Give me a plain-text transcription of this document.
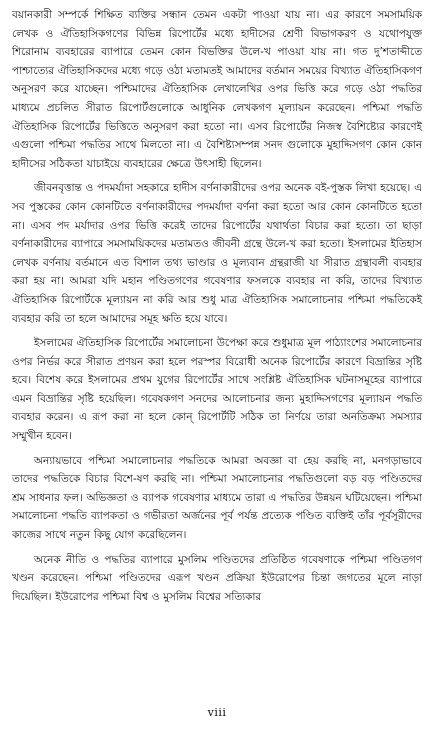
বয়ানকারী সম্পর্কে শিক্ষিত ব্যক্তির সন্ধান তেমন একটা পাওয়া যায় না। এর কারণে সমসাময়িক লেখক ও ঐতিহাসিকগণের বিভিন্ন রিপোর্টের মধ্যে হাদীসের শ্রেণী বিভাগকরণ ও যথোপযুক্ত শিরোনাম ব্যবহারের ব্যাপারে তেমন কোন বিভক্তির উলে-খ পাওয়া যায় না। গত দু’শতাব্দীতে পাশ্চাত্যের ঐতিহাসিকদের মধ্যে গড়ে ওঠা মতামতই আমাদের বর্তমান সময়ের বিখ্যাত ঐতিহাসিকগণ অনুসরণ করে যাচ্ছেন। পশ্চিমাদের ঐতিহাসিক লেখালেখির ওপর ভিত্তি করে গড়ে ওঠা পদ্ধতির মাধ্যমে প্রচলিত সীরাত রিপোর্টগুলোকে আধুনিক লেখকগণ মূল্যায়ন করেছেন। পশ্চিমা পদ্ধতি ঐতিহাসিক রিপোর্টের ভিত্তিতে অনুসরণ করা হতো না। এসব রিপোর্টের নিজস্ব বৈশিষ্ট্যের কারণেই এগুলো পশ্চিমা পদ্ধতির সাথে মিলতো না। এ বৈশিষ্ট্যসম্পন্ন সনদ গুলোকে মুহাদ্দিসগণ কোন কোন হাদীসের সঠিকতা যাচাইয়ে ব্যবহারের ক্ষেত্রে উৎসাহী ছিলেন।

জীবনবৃত্তান্ত ও পদমর্যাদা সহকারে হাদীস বর্ণনাকারীদের ওপর অনেক বই-পুস্তক লিখা হয়েছে। এ সব পুস্তকের কোন কোনটিতে বর্ণনাকারীদের পদমর্যাদা বর্ণনা করা হতো আর কোন কোনটিতে হতো না। এসব পদ মর্যাদার ওপর ভিত্তি করেই তাদের রিপোর্টের যথার্থতা বিচার করা হতো। তা ছাড়া বর্ণনাকারীদের ব্যাপারে সমসাময়িকদের মতামতও জীবনী গ্রন্থে উলে-খ করা হতো। ইসলামের ইতিহাস লেখক বর্ণনায় বর্তমানে এত বিশাল তথ্য ভাণ্ডার ও মূল্যবান গ্রন্থরাজী যা সীরাত গ্রন্থাবলী ব্যবহার করা হয় না। আমরা যদি মহান পণ্ডিতগণের গবেষণার ফসলকে ব্যবহার না করি, তাদের বিখ্যাত ঐতিহাসিক রিপোর্টকে মূল্যায়ন না করি আর শুধু মাত্র ঐতিহাসিক সমালোচনার পশ্চিমা পদ্ধতিকেই ব্যবহার করি তা হলে আমাদের সমূহ ক্ষতি হয়ে যাবে।

ইসলামের ঐতিহাসিক রিপোর্টের সমালোচনা উপেক্ষা করে শুধুমাত্র মূল পাঠ্যাংশের সমালোচনার ওপর নির্ভর করে সীরাত প্রণয়ন করা হলে পরস্পর বিরোধী অনেক রিপোর্টের কারণে বিভ্রান্তির সৃষ্টি হবে। বিশেষ করে ইসলামের প্রথম যুগের রিপোর্টের সাথে সংশ্লিষ্ট ঐতিহাসিক ঘটনাসমূহের ব্যাপারে এমন বিভ্রান্তির সৃষ্টি হয়েছিল। গবেষকগণ সনদের আলোচনার জন্য মুহাদ্দিসগণের মূল্যায়ন পদ্ধতি ব্যবহার করেন। এ রূপ করা না হলে কোন্ রিপোর্টটি সঠিক তা নির্ণয়ে তারা অনতিক্রম্য সমস্যার সম্মুখীন হবেন।

অন্যায়ভাবে পশ্চিমা সমালোচনার পদ্ধতিকে আমরা অবজ্ঞা বা হেয় করছি না, মনগড়াভাবে তাদের পদ্ধতিকে বিচার বিশে-ষণ করছি না। পশ্চিমা সমালোচনার পদ্ধতিগুলো বড় বড় পণ্ডিতদের শ্রম সাধনার ফল। অভিজ্ঞতা ও ব্যাপক গবেষণার মাধ্যমে তারা এ পদ্ধতির উন্নয়ন ঘটিয়েছেন। পশ্চিমা সমালোচনা পদ্ধতি ব্যাপকতা ও গভীরতা অর্জনের পূর্ব পর্যন্ত প্রত্যেক পণ্ডিত ব্যক্তিই তাঁর পূর্বসূরীদের কাজের সাথে নতুন কিছু যোগ করেছিলেন।

অনেক নীতি ও পদ্ধতির ব্যাপারে মুসলিম পণ্ডিতদের প্রতিষ্ঠিত গবেষণাকে পশ্চিমা পণ্ডিতগণ খণ্ডন করেছেন। পশ্চিমা পণ্ডিতদের এরূপ খণ্ডন প্রক্রিয়া ইউরোপের চিন্তা জগতের মূলে নাড়া দিয়েছিল। ইউরোপের পশ্চিমা বিশ্ব ও মুসলিম বিশ্বের সত্যিকার

viii
